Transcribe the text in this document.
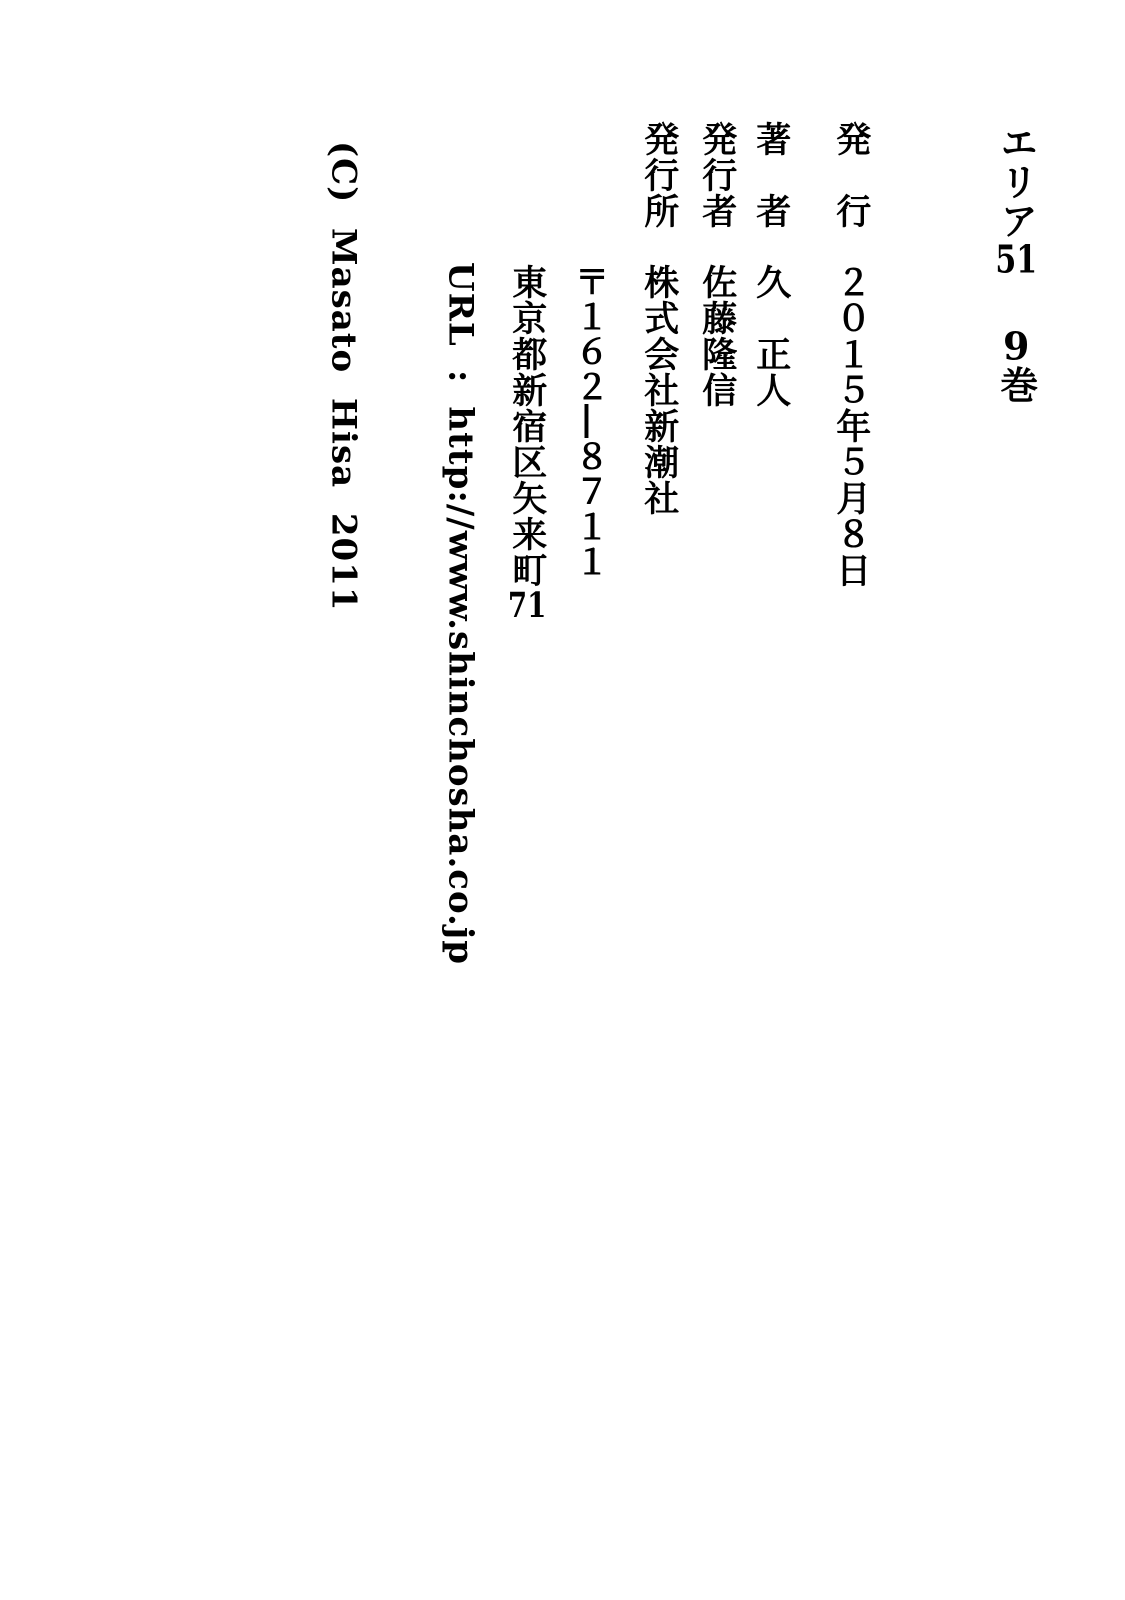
エリア519巻
発　行２０１５年５月８日
著　者久　正人
発行者佐藤隆信
発行所株式会社新潮社
〒１６２―８７１１
東京都新宿区矢来町71
URL : http://www.shinchosha.co.jp
(C) Masato Hisa 2011
